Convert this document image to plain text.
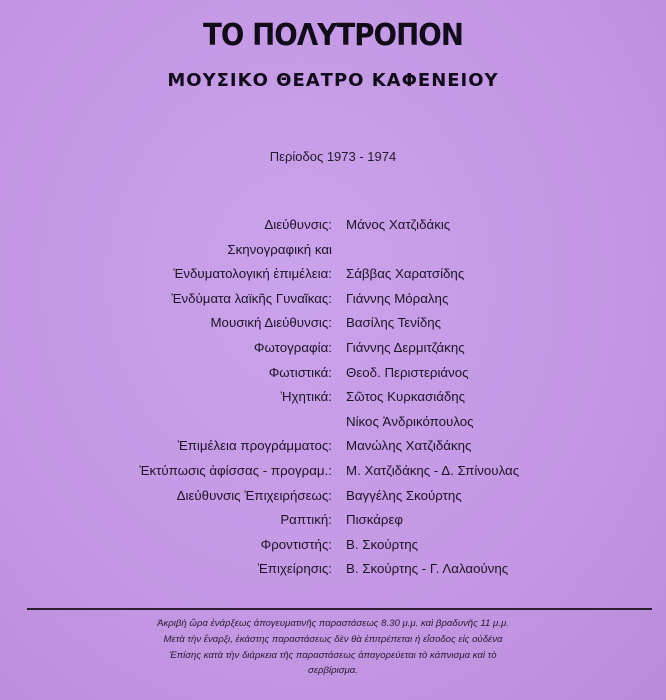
ΤΟ ΠΟΛΥΤΡΟΠΟΝ
ΜΟΥΣΙΚΟ ΘΕΑΤΡΟ ΚΑΦΕΝΕΙΟΥ
Περίοδος 1973 - 1974
Διεύθυνσις: Μάνος Χατζιδάκις
Σκηνογραφική και
Ἐνδυματολογική ἐπιμέλεια: Σάββας Χαρατσίδης
Ἐνδύματα λαϊκῆς Γυναῖκας: Γιάννης Μόραλης
Μουσική Διεύθυνσις: Βασίλης Τενίδης
Φωτογραφία: Γιάννης Δερμιτζάκης
Φωτιστικά: Θεοδ. Περιστεριάνος
Ἠχητικά: Σῶτος Κυρκασιάδης
Νίκος Ἀνδρικόπουλος
Ἐπιμέλεια προγράμματος: Μανώλης Χατζιδάκης
Ἐκτύπωσις ἀφίσσας - προγραμ.: Μ. Χατζιδάκης - Δ. Σπίνουλας
Διεύθυνσις Ἐπιχειρήσεως: Βαγγέλης Σκούρτης
Ραπτική: Πισκάρεφ
Φροντιστής: Β. Σκούρτης
Ἐπιχείρησις: Β. Σκούρτης - Γ. Λαλαούνης
Ἀκριβὴ ὥρα ἐνάρξεως ἀπογευματινῆς παραστάσεως 8.30 μ.μ. καὶ βραδυνῆς 11 μ.μ.
Μετὰ τὴν ἔναρξι, ἑκάστης παραστάσεως δὲν θὰ ἐπιτρέπεται ἡ εἴσοδος εἰς οὐδένα
Ἐπίσης κατὰ τὴν διάρκεια τῆς παραστάσεως ἀπαγορεύεται τὸ κάπνισμα καὶ τὸ
σερβίρισμα.
